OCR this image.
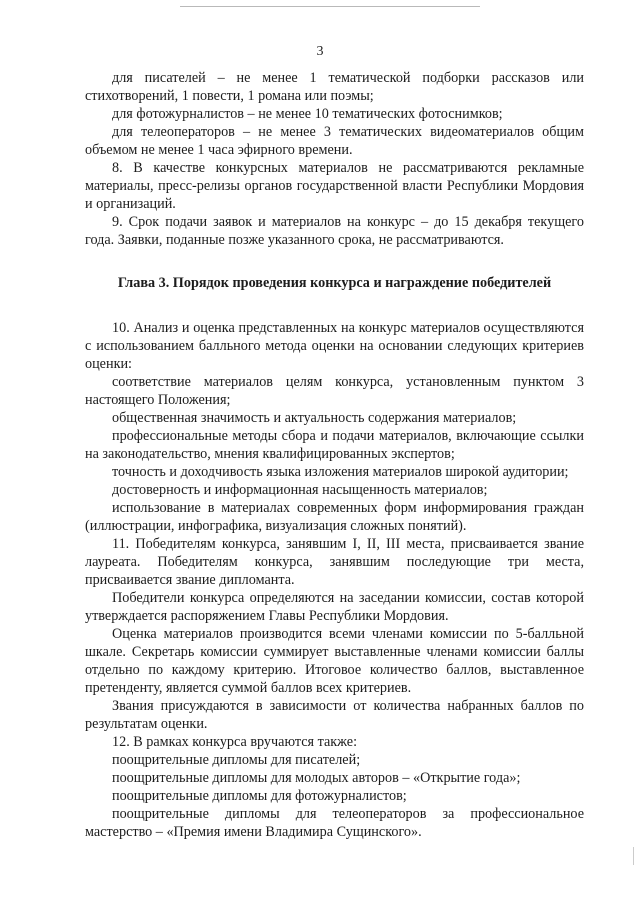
3

для писателей – не менее 1 тематической подборки рассказов или стихотворений, 1 повести, 1 романа или поэмы;

для фотожурналистов – не менее 10 тематических фотоснимков;

для телеоператоров – не менее 3 тематических видеоматериалов общим объемом не менее 1 часа эфирного времени.

8. В качестве конкурсных материалов не рассматриваются рекламные материалы, пресс-релизы органов государственной власти Республики Мордовия и организаций.

9. Срок подачи заявок и материалов на конкурс – до 15 декабря текущего года. Заявки, поданные позже указанного срока, не рассматриваются.

Глава 3. Порядок проведения конкурса и награждение победителей

10. Анализ и оценка представленных на конкурс материалов осуществляются с использованием балльного метода оценки на основании следующих критериев оценки:

соответствие материалов целям конкурса, установленным пунктом 3 настоящего Положения;

общественная значимость и актуальность содержания материалов;

профессиональные методы сбора и подачи материалов, включающие ссылки на законодательство, мнения квалифицированных экспертов;

точность и доходчивость языка изложения материалов широкой аудитории;

достоверность и информационная насыщенность материалов;

использование в материалах современных форм информирования граждан (иллюстрации, инфографика, визуализация сложных понятий).

11. Победителям конкурса, занявшим I, II, III места, присваивается звание лауреата. Победителям конкурса, занявшим последующие три места, присваивается звание дипломанта.

Победители конкурса определяются на заседании комиссии, состав которой утверждается распоряжением Главы Республики Мордовия.

Оценка материалов производится всеми членами комиссии по 5-балльной шкале. Секретарь комиссии суммирует выставленные членами комиссии баллы отдельно по каждому критерию. Итоговое количество баллов, выставленное претенденту, является суммой баллов всех критериев.

Звания присуждаются в зависимости от количества набранных баллов по результатам оценки.

12. В рамках конкурса вручаются также:

поощрительные дипломы для писателей;

поощрительные дипломы для молодых авторов – «Открытие года»;

поощрительные дипломы для фотожурналистов;

поощрительные дипломы для телеоператоров за профессиональное мастерство – «Премия имени Владимира Сущинского».
